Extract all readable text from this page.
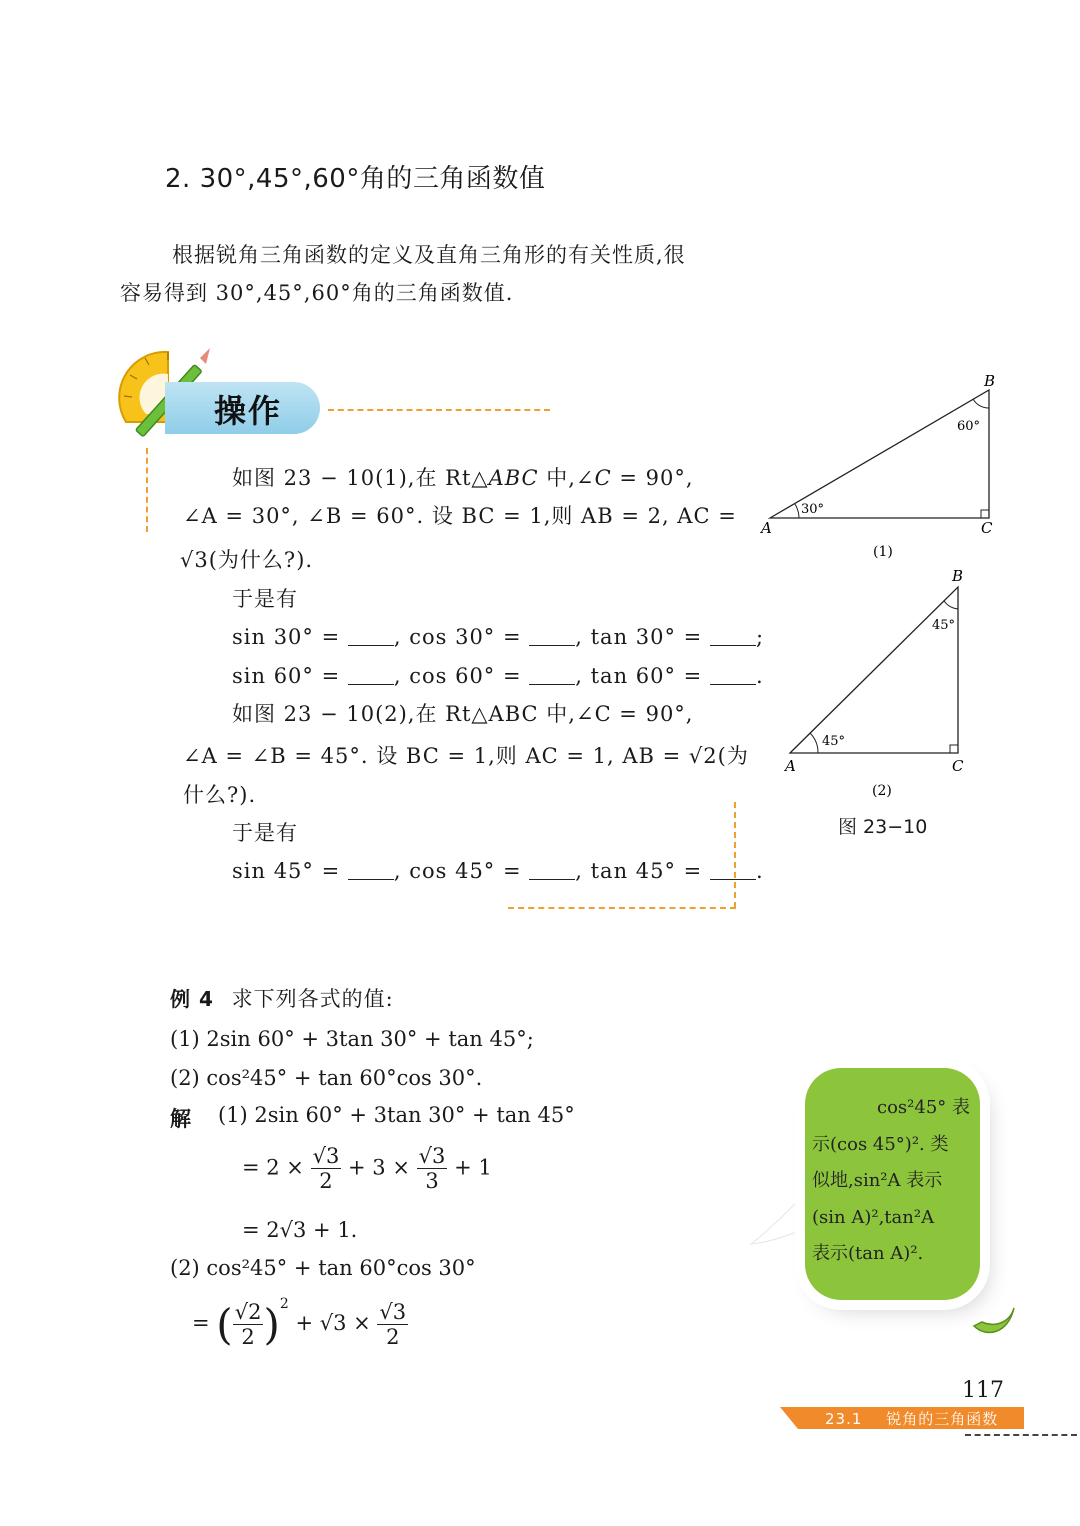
2. 30°,45°,60°角的三角函数值
根据锐角三角函数的定义及直角三角形的有关性质,很
容易得到 30°,45°,60°角的三角函数值.
操作
如图 23 − 10(1),在 Rt△ABC 中,∠C = 90°,
∠A = 30°, ∠B = 60°. 设 BC = 1,则 AB = 2, AC =
√3(为什么?).
于是有
sin 30° =	, cos 30° =	, tan 30° =	;
sin 60° =	, cos 60° =	, tan 60° =	.
如图 23 − 10(2),在 Rt△ABC 中,∠C = 90°,
∠A = ∠B = 45°. 设 BC = 1,则 AC = 1, AB = √2(为
什么?).
于是有
sin 45° =	, cos 45° =	, tan 45° =	.
A
B
C
30°
60°
(1)
A
B
C
45°
45°
(2)
图 23−10
例 4 求下列各式的值:
(1) 2sin 60° + 3tan 30° + tan 45°;
(2) cos²45° + tan 60°cos 30°.
解 (1) 2sin 60° + 3tan 30° + tan 45°
= $2 \times \frac{√3}{2} + 3 \times \frac{√3}{3} + 1$
= 2√3 + 1.
(2) cos²45° + tan 60°cos 30°
= ( $\frac{√2}{2} )^2 + √3 \times \frac{√3}{2}$
cos²45° 表
示(cos 45°)². 类
似地,sin²A 表示
(sin A)²,tan²A
表示(tan A)².
117
23.1 锐角的三角函数
